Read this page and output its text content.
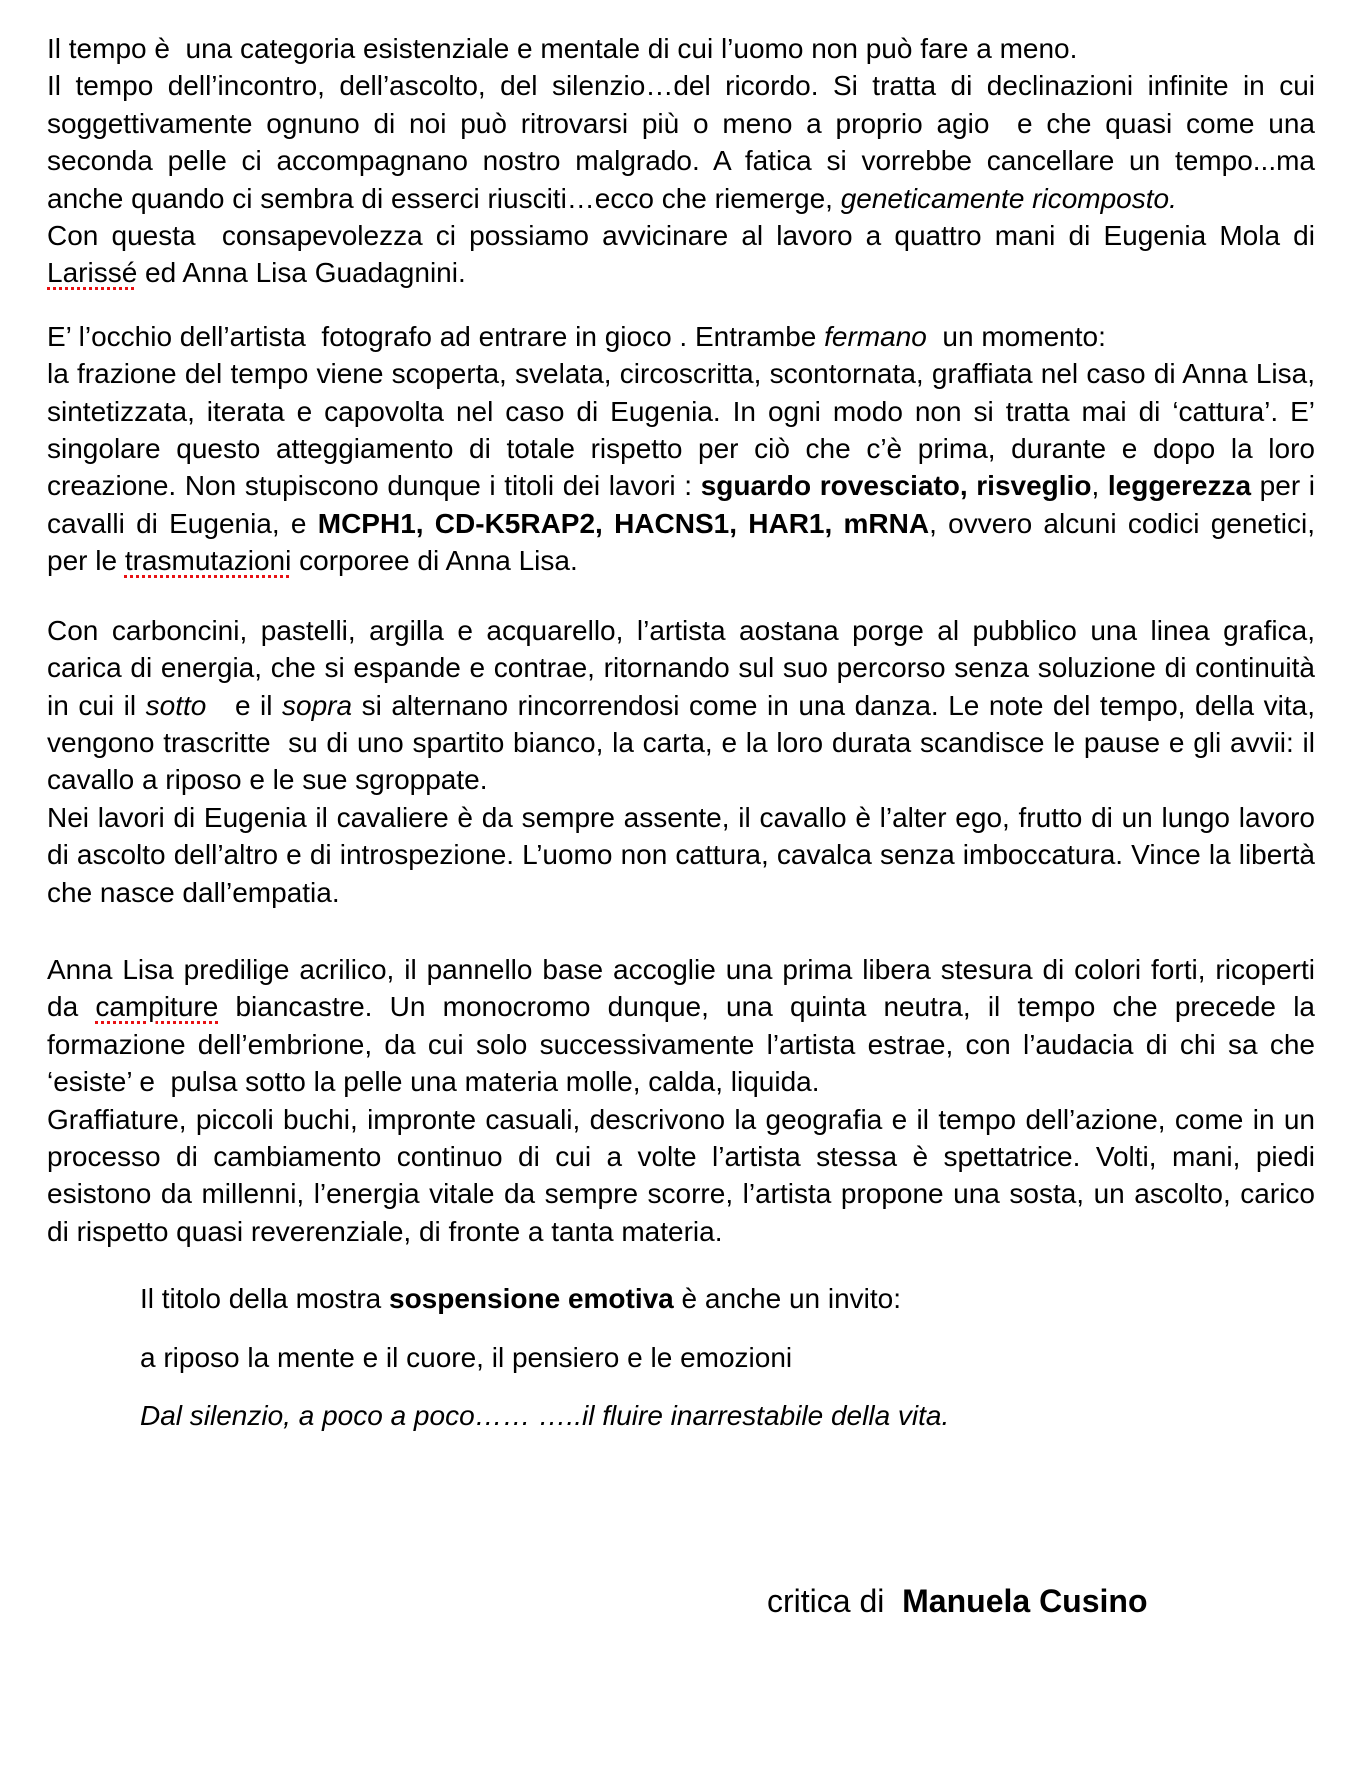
Il tempo è  una categoria esistenziale e mentale di cui l’uomo non può fare a meno.

Il tempo dell’incontro, dell’ascolto, del silenzio…del ricordo. Si tratta di declinazioni infinite in cui soggettivamente ognuno di noi può ritrovarsi più o meno a proprio agio  e che quasi come una seconda pelle ci accompagnano nostro malgrado. A fatica si vorrebbe cancellare un tempo...ma anche quando ci sembra di esserci riusciti…ecco che riemerge, geneticamente ricomposto.

Con questa  consapevolezza ci possiamo avvicinare al lavoro a quattro mani di Eugenia Mola di Larissé ed Anna Lisa Guadagnini.

E’ l’occhio dell’artista  fotografo ad entrare in gioco . Entrambe fermano  un momento:

la frazione del tempo viene scoperta, svelata, circoscritta, scontornata, graffiata nel caso di Anna Lisa, sintetizzata, iterata e capovolta nel caso di Eugenia. In ogni modo non si tratta mai di ‘cattura’. E’ singolare questo atteggiamento di totale rispetto per ciò che c’è prima, durante e dopo la loro creazione. Non stupiscono dunque i titoli dei lavori : sguardo rovesciato, risveglio, leggerezza per i cavalli di Eugenia, e MCPH1, CD-K5RAP2, HACNS1, HAR1, mRNA, ovvero alcuni codici genetici, per le trasmutazioni corporee di Anna Lisa.

Con carboncini, pastelli, argilla e acquarello, l’artista aostana porge al pubblico una linea grafica, carica di energia, che si espande e contrae, ritornando sul suo percorso senza soluzione di continuità in cui il sotto   e il sopra si alternano rincorrendosi come in una danza. Le note del tempo, della vita, vengono trascritte  su di uno spartito bianco, la carta, e la loro durata scandisce le pause e gli avvii: il cavallo a riposo e le sue sgroppate.

Nei lavori di Eugenia il cavaliere è da sempre assente, il cavallo è l’alter ego, frutto di un lungo lavoro di ascolto dell’altro e di introspezione. L’uomo non cattura, cavalca senza imboccatura. Vince la libertà che nasce dall’empatia.

Anna Lisa predilige acrilico, il pannello base accoglie una prima libera stesura di colori forti, ricoperti da campiture biancastre. Un monocromo dunque, una quinta neutra, il tempo che precede la formazione dell’embrione, da cui solo successivamente l’artista estrae, con l’audacia di chi sa che ‘esiste’ e  pulsa sotto la pelle una materia molle, calda, liquida.

Graffiature, piccoli buchi, impronte casuali, descrivono la geografia e il tempo dell’azione, come in un processo di cambiamento continuo di cui a volte l’artista stessa è spettatrice. Volti, mani, piedi esistono da millenni, l’energia vitale da sempre scorre, l’artista propone una sosta, un ascolto, carico di rispetto quasi reverenziale, di fronte a tanta materia.

Il titolo della mostra sospensione emotiva è anche un invito:

a riposo la mente e il cuore, il pensiero e le emozioni

Dal silenzio, a poco a poco…… …..il fluire inarrestabile della vita.

critica di  Manuela Cusino
